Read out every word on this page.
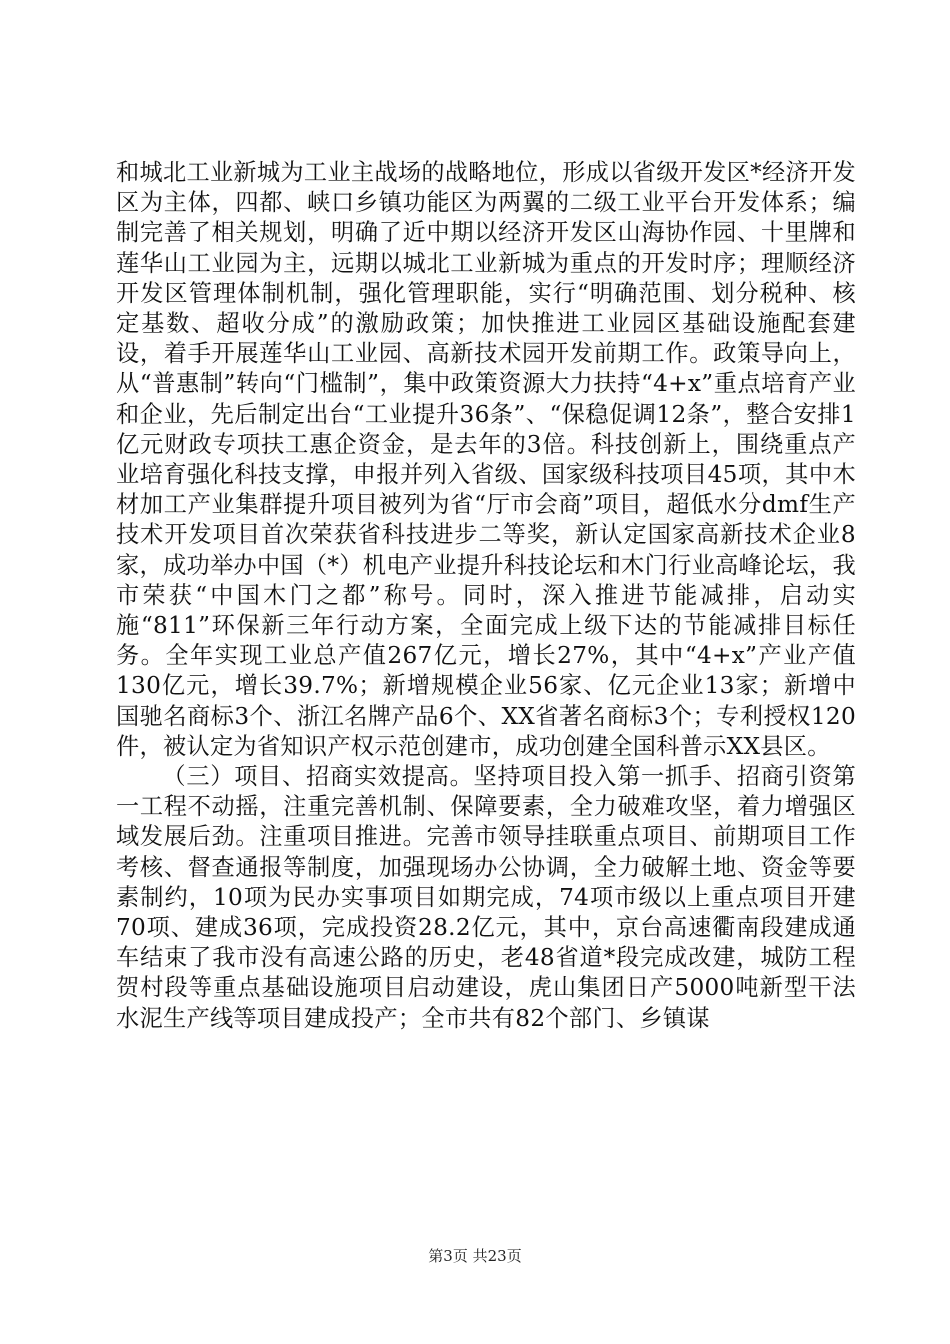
和城北工业新城为工业主战场的战略地位，形成以省级开发区*经济开发区为主体，四都、峡口乡镇功能区为两翼的二级工业平台开发体系；编制完善了相关规划，明确了近中期以经济开发区山海协作园、十里牌和莲华山工业园为主，远期以城北工业新城为重点的开发时序；理顺经济开发区管理体制机制，强化管理职能，实行“明确范围、划分税种、核定基数、超收分成”的激励政策；加快推进工业园区基础设施配套建设，着手开展莲华山工业园、高新技术园开发前期工作。政策导向上，从“普惠制”转向“门槛制”，集中政策资源大力扶持“4+x”重点培育产业和企业，先后制定出台“工业提升36条”、“保稳促调12条”，整合安排1亿元财政专项扶工惠企资金，是去年的3倍。科技创新上，围绕重点产业培育强化科技支撑，申报并列入省级、国家级科技项目45项，其中木材加工产业集群提升项目被列为省“厅市会商”项目，超低水分dmf生产技术开发项目首次荣获省科技进步二等奖，新认定国家高新技术企业8家，成功举办中国（*）机电产业提升科技论坛和木门行业高峰论坛，我市荣获“中国木门之都”称号。同时，深入推进节能减排，启动实施“811”环保新三年行动方案，全面完成上级下达的节能减排目标任务。全年实现工业总产值267亿元，增长27%，其中“4+x”产业产值130亿元，增长39.7%；新增规模企业56家、亿元企业13家；新增中国驰名商标3个、浙江名牌产品6个、XX省著名商标3个；专利授权120件，被认定为省知识产权示范创建市，成功创建全国科普示XX县区。

（三）项目、招商实效提高。坚持项目投入第一抓手、招商引资第一工程不动摇，注重完善机制、保障要素，全力破难攻坚，着力增强区域发展后劲。注重项目推进。完善市领导挂联重点项目、前期项目工作考核、督查通报等制度，加强现场办公协调，全力破解土地、资金等要素制约，10项为民办实事项目如期完成，74项市级以上重点项目开建70项、建成36项，完成投资28.2亿元，其中，京台高速衢南段建成通车结束了我市没有高速公路的历史，老48省道*段完成改建，城防工程贺村段等重点基础设施项目启动建设，虎山集团日产5000吨新型干法水泥生产线等项目建成投产；全市共有82个部门、乡镇谋

第3页 共23页
